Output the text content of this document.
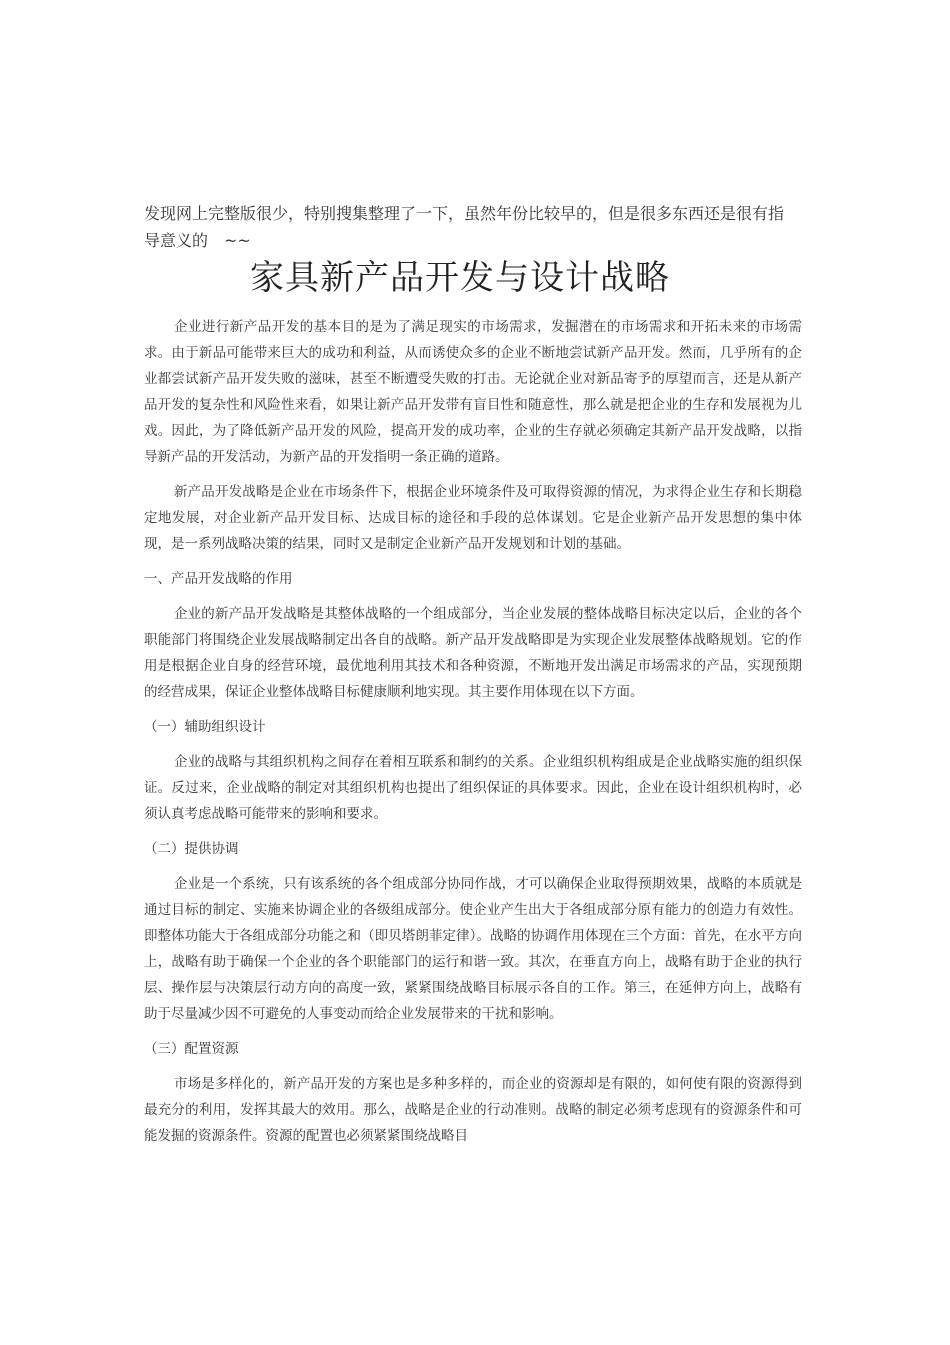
发现网上完整版很少，特别搜集整理了一下，虽然年份比较早的，但是很多东西还是很有指导意义的　~~
家具新产品开发与设计战略

企业进行新产品开发的基本目的是为了满足现实的市场需求，发掘潜在的市场需求和开拓未来的市场需求。由于新品可能带来巨大的成功和利益，从而诱使众多的企业不断地尝试新产品开发。然而，几乎所有的企业都尝试新产品开发失败的滋味，甚至不断遭受失败的打击。无论就企业对新品寄予的厚望而言，还是从新产品开发的复杂性和风险性来看，如果让新产品开发带有盲目性和随意性，那么就是把企业的生存和发展视为儿戏。因此，为了降低新产品开发的风险，提高开发的成功率，企业的生存就必须确定其新产品开发战略，以指导新产品的开发活动，为新产品的开发指明一条正确的道路。

新产品开发战略是企业在市场条件下，根据企业环境条件及可取得资源的情况，为求得企业生存和长期稳定地发展，对企业新产品开发目标、达成目标的途径和手段的总体谋划。它是企业新产品开发思想的集中体现，是一系列战略决策的结果，同时又是制定企业新产品开发规划和计划的基础。

一、产品开发战略的作用

企业的新产品开发战略是其整体战略的一个组成部分，当企业发展的整体战略目标决定以后，企业的各个职能部门将围绕企业发展战略制定出各自的战略。新产品开发战略即是为实现企业发展整体战略规划。它的作用是根据企业自身的经营环境，最优地利用其技术和各种资源，不断地开发出满足市场需求的产品，实现预期的经营成果，保证企业整体战略目标健康顺利地实现。其主要作用体现在以下方面。

（一）辅助组织设计

企业的战略与其组织机构之间存在着相互联系和制约的关系。企业组织机构组成是企业战略实施的组织保证。反过来，企业战略的制定对其组织机构也提出了组织保证的具体要求。因此，企业在设计组织机构时，必须认真考虑战略可能带来的影响和要求。

（二）提供协调

企业是一个系统，只有该系统的各个组成部分协同作战，才可以确保企业取得预期效果，战略的本质就是通过目标的制定、实施来协调企业的各级组成部分。使企业产生出大于各组成部分原有能力的创造力有效性。即整体功能大于各组成部分功能之和（即贝塔朗菲定律）。战略的协调作用体现在三个方面：首先，在水平方向上，战略有助于确保一个企业的各个职能部门的运行和谐一致。其次，在垂直方向上，战略有助于企业的执行层、操作层与决策层行动方向的高度一致，紧紧围绕战略目标展示各自的工作。第三，在延伸方向上，战略有助于尽量减少因不可避免的人事变动而给企业发展带来的干扰和影响。

（三）配置资源

市场是多样化的，新产品开发的方案也是多种多样的，而企业的资源却是有限的，如何使有限的资源得到最充分的利用，发挥其最大的效用。那么，战略是企业的行动准则。战略的制定必须考虑现有的资源条件和可能发掘的资源条件。资源的配置也必须紧紧围绕战略目
